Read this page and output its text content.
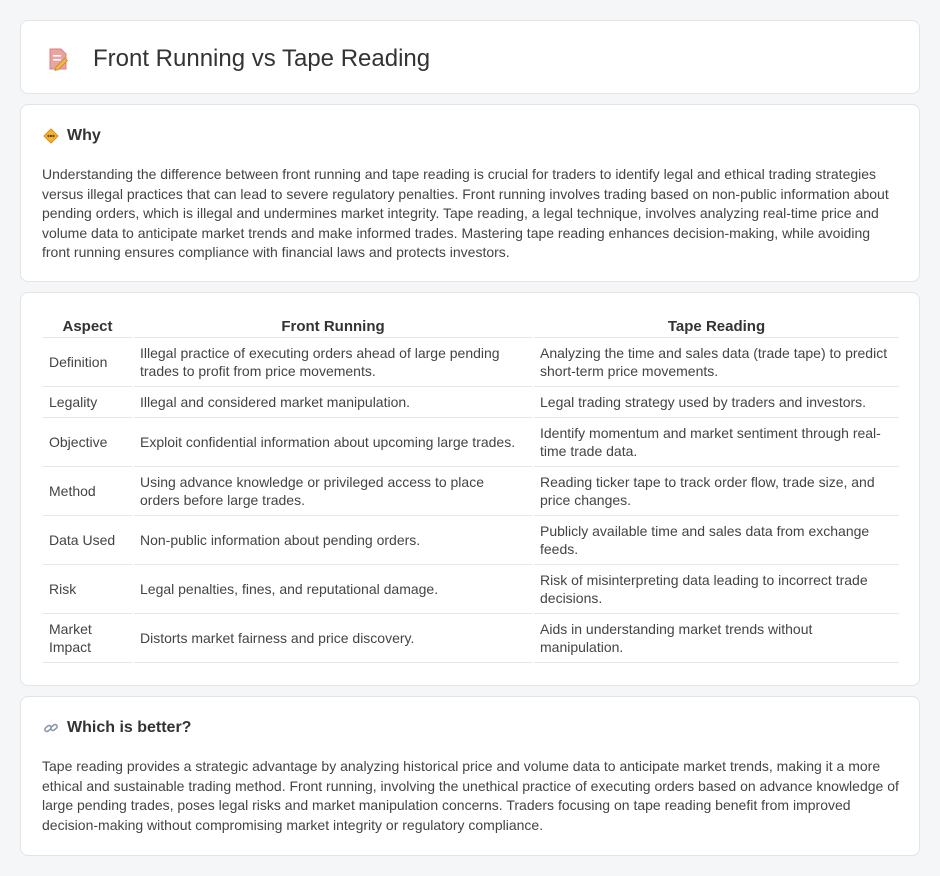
Front Running vs Tape Reading
Why

Understanding the difference between front running and tape reading is crucial for traders to identify legal and ethical trading strategies versus illegal practices that can lead to severe regulatory penalties. Front running involves trading based on non-public information about pending orders, which is illegal and undermines market integrity. Tape reading, a legal technique, involves analyzing real-time price and volume data to anticipate market trends and make informed trades. Mastering tape reading enhances decision-making, while avoiding front running ensures compliance with financial laws and protects investors.

Aspect	Front Running	Tape Reading
Definition	Illegal practice of executing orders ahead of large pending trades to profit from price movements.	Analyzing the time and sales data (trade tape) to predict short-term price movements.
Legality	Illegal and considered market manipulation.	Legal trading strategy used by traders and investors.
Objective	Exploit confidential information about upcoming large trades.	Identify momentum and market sentiment through real-time trade data.
Method	Using advance knowledge or privileged access to place orders before large trades.	Reading ticker tape to track order flow, trade size, and price changes.
Data Used	Non-public information about pending orders.	Publicly available time and sales data from exchange feeds.
Risk	Legal penalties, fines, and reputational damage.	Risk of misinterpreting data leading to incorrect trade decisions.
Market Impact	Distorts market fairness and price discovery.	Aids in understanding market trends without manipulation.
Which is better?

Tape reading provides a strategic advantage by analyzing historical price and volume data to anticipate market trends, making it a more ethical and sustainable trading method. Front running, involving the unethical practice of executing orders based on advance knowledge of large pending trades, poses legal risks and market manipulation concerns. Traders focusing on tape reading benefit from improved decision-making without compromising market integrity or regulatory compliance.
